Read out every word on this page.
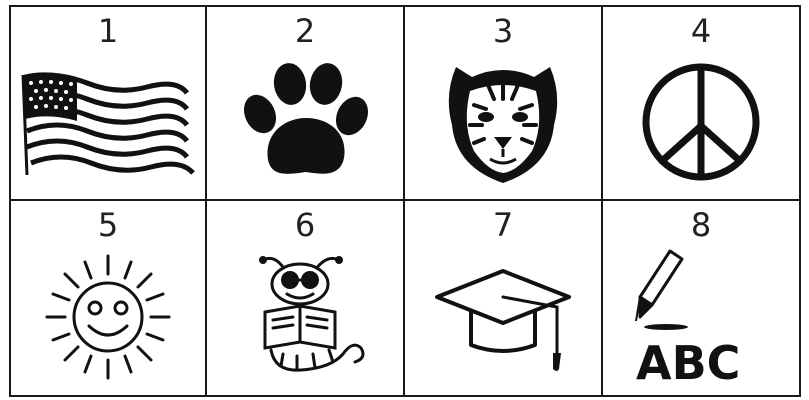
1	2	3	4
5	6	7	8
ABC
